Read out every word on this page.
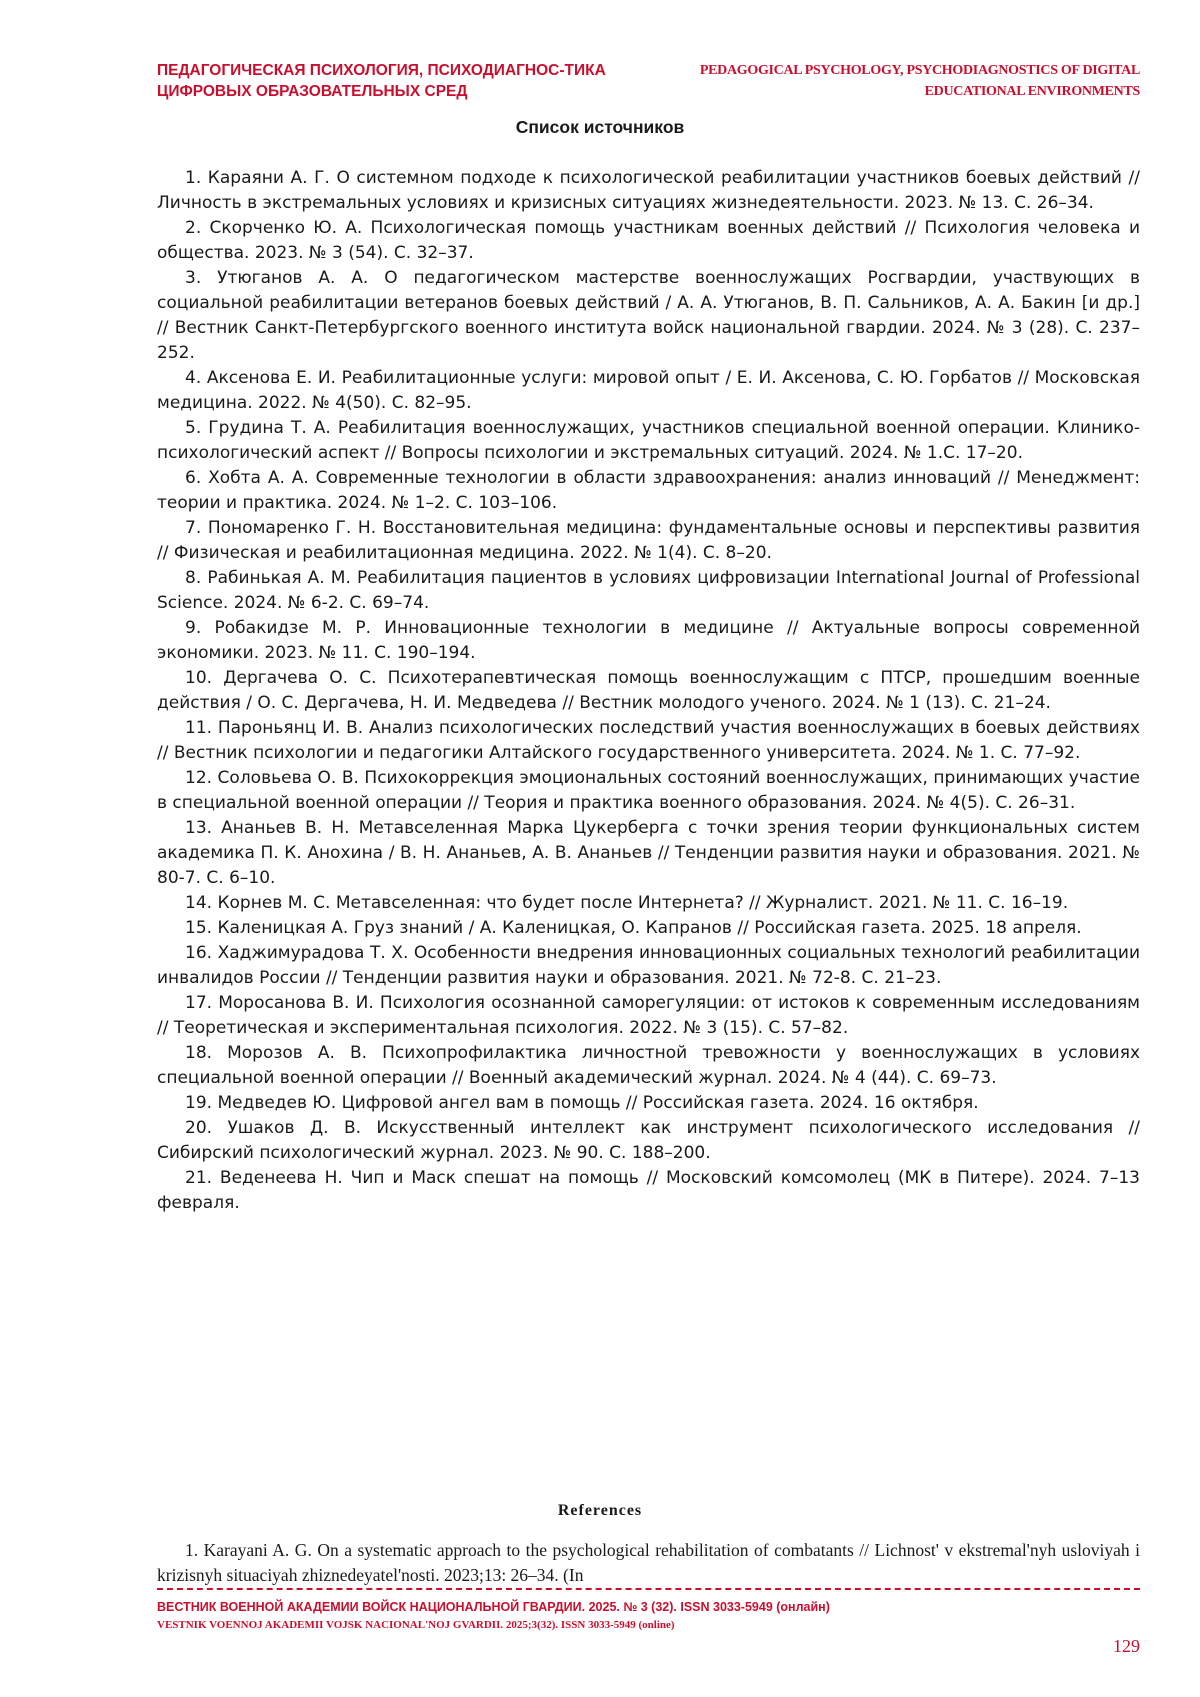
ПЕДАГОГИЧЕСКАЯ ПСИХОЛОГИЯ, ПСИХОДИАГНОС-ТИКА ЦИФРОВЫХ ОБРАЗОВАТЕЛЬНЫХ СРЕД
PEDAGOGICAL PSYCHOLOGY, PSYCHODIAGNOSTICS OF DIGITAL EDUCATIONAL ENVIRONMENTS
Список источников
1. Караяни А. Г. О системном подходе к психологической реабилитации участников боевых действий // Личность в экстремальных условиях и кризисных ситуациях жизнедеятельности. 2023. № 13. С. 26–34.
2. Скорченко Ю. А. Психологическая помощь участникам военных действий // Психология человека и общества. 2023. № 3 (54). С. 32–37.
3. Утюганов А. А. О педагогическом мастерстве военнослужащих Росгвардии, участвующих в социальной реабилитации ветеранов боевых действий / А. А. Утюганов, В. П. Сальников, А. А. Бакин [и др.] // Вестник Санкт-Петербургского военного института войск национальной гвардии. 2024. № 3 (28). С. 237–252.
4. Аксенова Е. И. Реабилитационные услуги: мировой опыт / Е. И. Аксенова, С. Ю. Горбатов // Московская медицина. 2022. № 4(50). С. 82–95.
5. Грудина Т. А. Реабилитация военнослужащих, участников специальной военной операции. Клинико-психологический аспект // Вопросы психологии и экстремальных ситуаций. 2024. № 1.С. 17–20.
6. Хобта А. А. Современные технологии в области здравоохранения: анализ инноваций // Менеджмент: теории и практика. 2024. № 1–2. С. 103–106.
7. Пономаренко Г. Н. Восстановительная медицина: фундаментальные основы и перспективы развития // Физическая и реабилитационная медицина. 2022. № 1(4). С. 8–20.
8. Рабинькая А. М. Реабилитация пациентов в условиях цифровизации International Journal of Professional Science. 2024. № 6-2. С. 69–74.
9. Робакидзе М. Р. Инновационные технологии в медицине // Актуальные вопросы современной экономики. 2023. № 11. С. 190–194.
10. Дергачева О. С. Психотерапевтическая помощь военнослужащим с ПТСР, прошедшим военные действия / О. С. Дергачева, Н. И. Медведева // Вестник молодого ученого. 2024. № 1 (13). С. 21–24.
11. Пароньянц И. В. Анализ психологических последствий участия военнослужащих в боевых действиях // Вестник психологии и педагогики Алтайского государственного университета. 2024. № 1. С. 77–92.
12. Соловьева О. В. Психокоррекция эмоциональных состояний военнослужащих, принимающих участие в специальной военной операции // Теория и практика военного образования. 2024. № 4(5). С. 26–31.
13. Ананьев В. Н. Метавселенная Марка Цукерберга с точки зрения теории функциональных систем академика П. К. Анохина / В. Н. Ананьев, А. В. Ананьев // Тенденции развития науки и образования. 2021. № 80-7. С. 6–10.
14. Корнев М. С. Метавселенная: что будет после Интернета? // Журналист. 2021. № 11. С. 16–19.
15. Каленицкая А. Груз знаний / А. Каленицкая, О. Капранов // Российская газета. 2025. 18 апреля.
16. Хаджимурадова Т. Х. Особенности внедрения инновационных социальных технологий реабилитации инвалидов России // Тенденции развития науки и образования. 2021. № 72-8. С. 21–23.
17. Моросанова В. И. Психология осознанной саморегуляции: от истоков к современным исследованиям // Теоретическая и экспериментальная психология. 2022. № 3 (15). С. 57–82.
18. Морозов А. В. Психопрофилактика личностной тревожности у военнослужащих в условиях специальной военной операции // Военный академический журнал. 2024. № 4 (44). С. 69–73.
19. Медведев Ю. Цифровой ангел вам в помощь // Российская газета. 2024. 16 октября.
20. Ушаков Д. В. Искусственный интеллект как инструмент психологического исследования // Сибирский психологический журнал. 2023. № 90. С. 188–200.
21. Веденеева Н. Чип и Маск спешат на помощь // Московский комсомолец (МК в Питере). 2024. 7–13 февраля.
References
1. Karayani A. G. On a systematic approach to the psychological rehabilitation of combatants // Lichnost' v ekstremal'nyh usloviyah i krizisnyh situaciyah zhiznedeyatel'nosti. 2023;13: 26–34. (In
ВЕСТНИК ВОЕННОЙ АКАДЕМИИ ВОЙСК НАЦИОНАЛЬНОЙ ГВАРДИИ. 2025. № 3 (32). ISSN 3033-5949 (онлайн)
VESTNIK VOENNOJ AKADEMII VOJSK NACIONAL'NOJ GVARDII. 2025;3(32). ISSN 3033-5949 (online)
129
